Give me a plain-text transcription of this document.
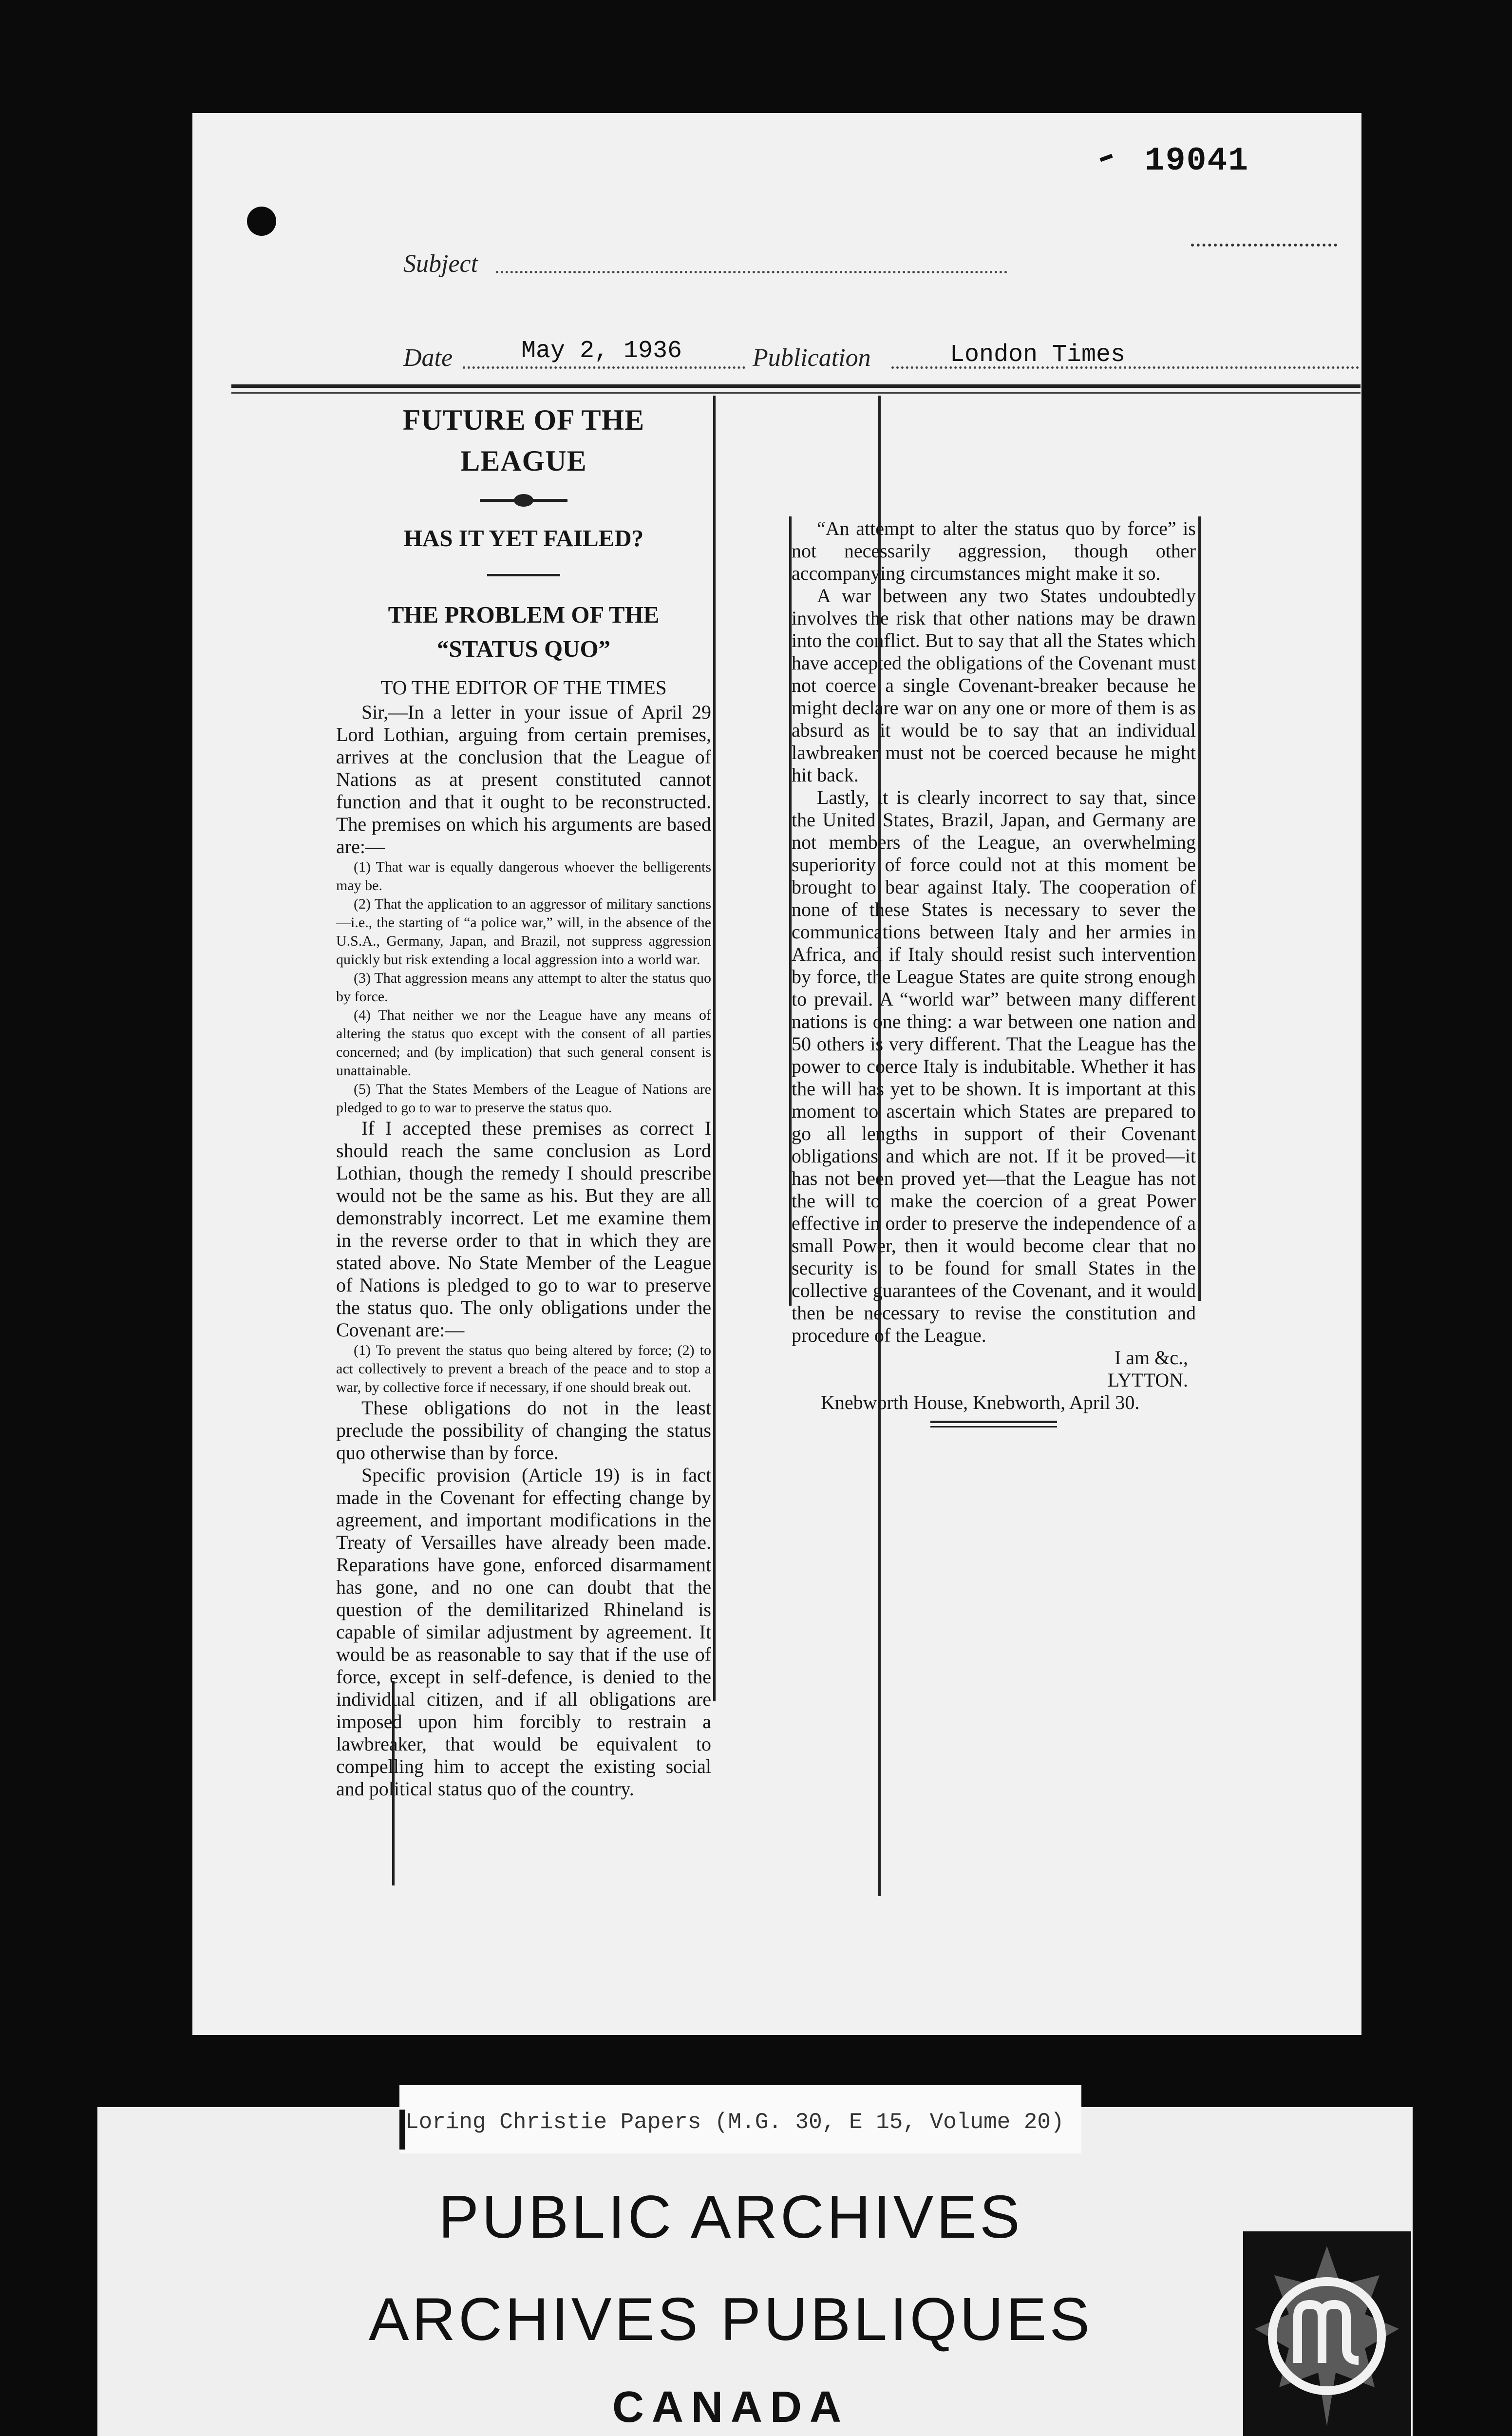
19041
Subject
Date	May 2, 1936	Publication	London Times
FUTURE OF THE LEAGUE
HAS IT YET FAILED?
THE PROBLEM OF THE “STATUS QUO”
TO THE EDITOR OF THE TIMES

Sir,—In a letter in your issue of April 29 Lord Lothian, arguing from certain premises, arrives at the conclusion that the League of Nations as at present constituted cannot function and that it ought to be reconstructed. The premises on which his arguments are based are:—

(1) That war is equally dangerous whoever the belligerents may be.

(2) That the application to an aggressor of military sanctions—i.e., the starting of “a police war,” will, in the absence of the U.S.A., Germany, Japan, and Brazil, not suppress aggression quickly but risk extending a local aggression into a world war.

(3) That aggression means any attempt to alter the status quo by force.

(4) That neither we nor the League have any means of altering the status quo except with the consent of all parties concerned; and (by implication) that such general consent is unattainable.

(5) That the States Members of the League of Nations are pledged to go to war to preserve the status quo.

If I accepted these premises as correct I should reach the same conclusion as Lord Lothian, though the remedy I should prescribe would not be the same as his. But they are all demonstrably incorrect. Let me examine them in the reverse order to that in which they are stated above. No State Member of the League of Nations is pledged to go to war to preserve the status quo. The only obligations under the Covenant are:—

(1) To prevent the status quo being altered by force; (2) to act collectively to prevent a breach of the peace and to stop a war, by collective force if necessary, if one should break out.

These obligations do not in the least preclude the possibility of changing the status quo otherwise than by force.

Specific provision (Article 19) is in fact made in the Covenant for effecting change by agreement, and important modifications in the Treaty of Versailles have already been made. Reparations have gone, enforced disarmament has gone, and no one can doubt that the question of the demilitarized Rhineland is capable of similar adjustment by agreement. It would be as reasonable to say that if the use of force, except in self-defence, is denied to the individual citizen, and if all obligations are imposed upon him forcibly to restrain a lawbreaker, that would be equivalent to compelling him to accept the existing social and political status quo of the country.

“An attempt to alter the status quo by force” is not necessarily aggression, though other accompanying circumstances might make it so.

A war between any two States undoubtedly involves the risk that other nations may be drawn into the conflict. But to say that all the States which have accepted the obligations of the Covenant must not coerce a single Covenant-breaker because he might declare war on any one or more of them is as absurd as it would be to say that an individual lawbreaker must not be coerced because he might hit back.

Lastly, it is clearly incorrect to say that, since the United States, Brazil, Japan, and Germany are not members of the League, an overwhelming superiority of force could not at this moment be brought to bear against Italy. The cooperation of none of these States is necessary to sever the communications between Italy and her armies in Africa, and if Italy should resist such intervention by force, the League States are quite strong enough to prevail. A “world war” between many different nations is one thing: a war between one nation and 50 others is very different. That the League has the power to coerce Italy is indubitable. Whether it has the will has yet to be shown. It is important at this moment to ascertain which States are prepared to go all lengths in support of their Covenant obligations and which are not. If it be proved—it has not been proved yet—that the League has not the will to make the coercion of a great Power effective in order to preserve the independence of a small Power, then it would become clear that no security is to be found for small States in the collective guarantees of the Covenant, and it would then be necessary to revise the constitution and procedure of the League.

I am &c.,

LYTTON.

Knebworth House, Knebworth, April 30.

Loring Christie Papers (M.G. 30, E 15, Volume 20)
PUBLIC ARCHIVES
ARCHIVES PUBLIQUES
CANADA
